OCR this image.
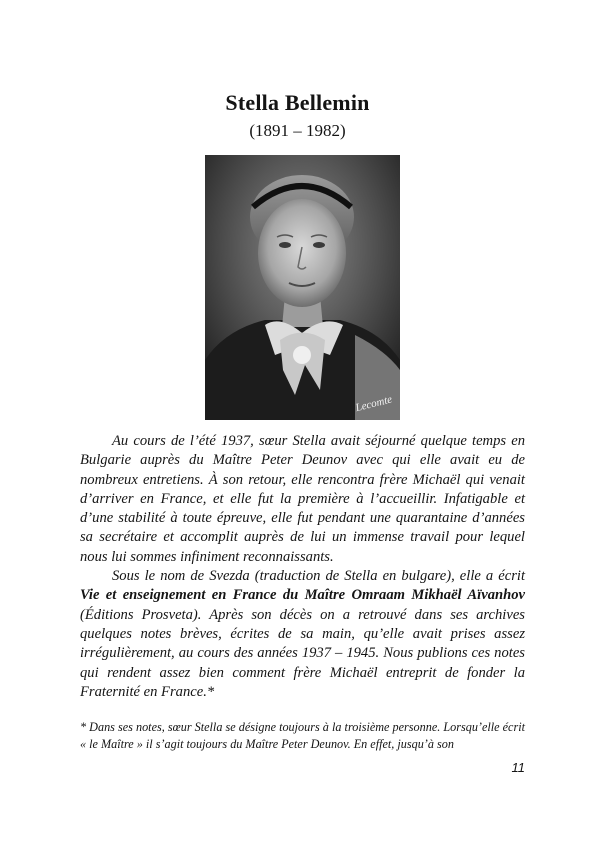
Stella Bellemin
(1891 – 1982)
Lecomte

Au cours de l’été 1937, sœur Stella avait séjourné quelque temps en Bulgarie auprès du Maître Peter Deunov avec qui elle avait eu de nombreux entretiens. À son retour, elle rencontra frère Michaël qui venait d’arriver en France, et elle fut la première à l’accueillir. Infatigable et d’une stabilité à toute épreuve, elle fut pendant une quarantaine d’années sa secrétaire et accomplit auprès de lui un immense travail pour lequel nous lui sommes infiniment reconnaissants.

Sous le nom de Svezda (traduction de Stella en bulgare), elle a écrit Vie et enseignement en France du Maître Omraam Mikhaël Aïvanhov (Éditions Prosveta). Après son décès on a retrouvé dans ses archives quelques notes brèves, écrites de sa main, qu’elle avait prises assez irrégulièrement, au cours des années 1937 – 1945. Nous publions ces notes qui rendent assez bien comment frère Michaël entreprit de fonder la Fraternité en France.*

* Dans ses notes, sœur Stella se désigne toujours à la troisième personne. Lorsqu’elle écrit « le Maître » il s’agit toujours du Maître Peter Deunov. En effet, jusqu’à son

11
